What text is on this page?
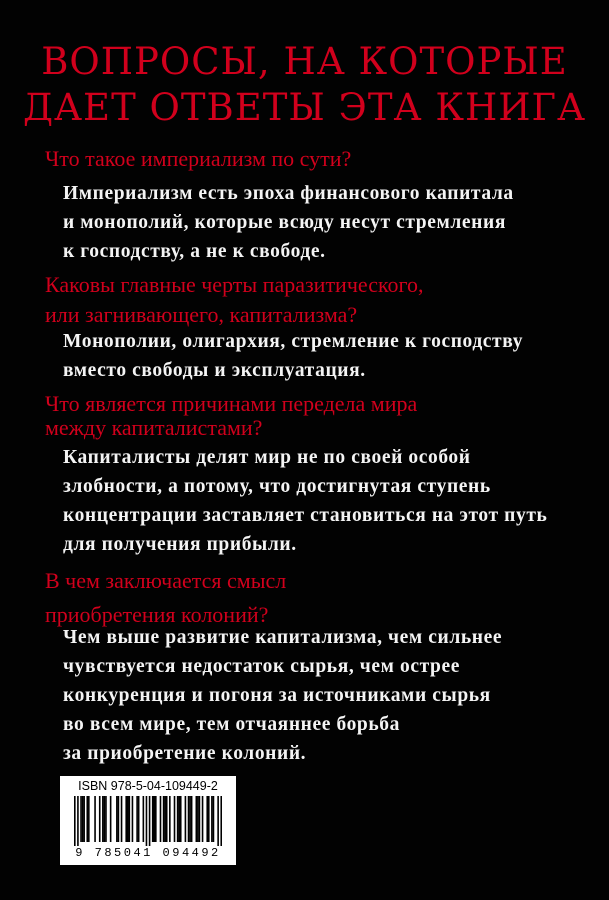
ВОПРОСЫ, НА КОТОРЫЕ
ДАЕТ ОТВЕТЫ ЭТА КНИГА
Что такое империализм по сути?
Империализм есть эпоха финансового капитала
и монополий, которые всюду несут стремления
к господству, а не к свободе.
Каковы главные черты паразитического,
или загнивающего, капитализма?
Монополии, олигархия, стремление к господству
вместо свободы и эксплуатация.
Что является причинами передела мира
между капиталистами?
Капиталисты делят мир не по своей особой
злобности, а потому, что достигнутая ступень
концентрации заставляет становиться на этот путь
для получения прибыли.
В чем заключается смысл
приобретения колоний?
Чем выше развитие капитализма, чем сильнее
чувствуется недостаток сырья, чем острее
конкуренция и погоня за источниками сырья
во всем мире, тем отчаяннее борьба
за приобретение колоний.
ISBN 978-5-04-109449-2
9 785041 094492
